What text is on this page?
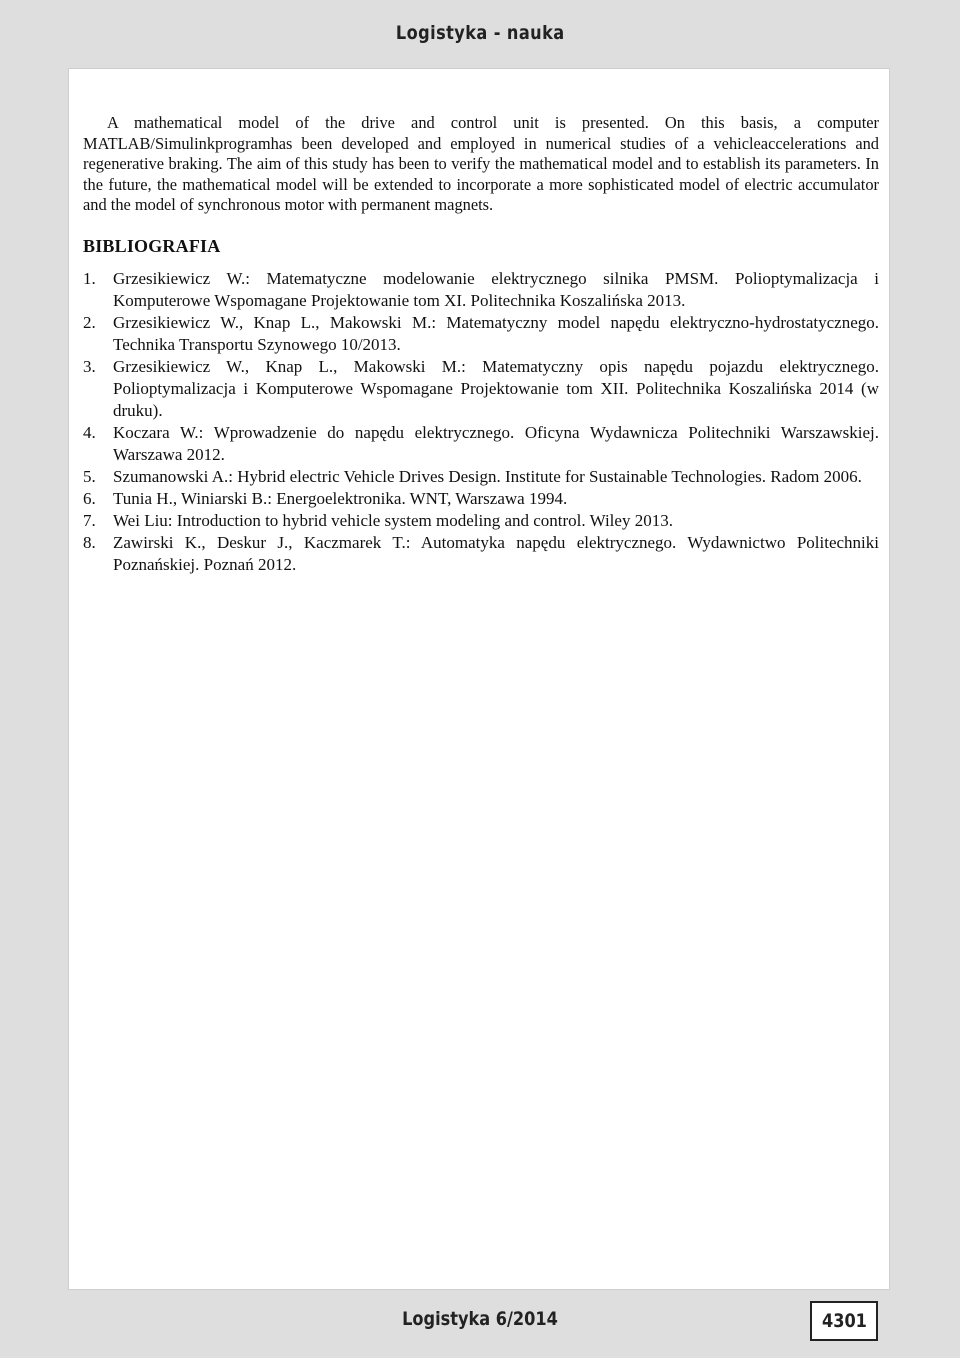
Logistyka - nauka

A mathematical model of the drive and control unit is presented. On this basis, a computer MATLAB/Simulinkprogramhas been developed and employed in numerical studies of a vehicleaccelerations and regenerative braking. The aim of this study has been to verify the mathematical model and to establish its parameters. In the future, the mathematical model will be extended to incorporate a more sophisticated model of electric accumulator and the model of synchronous motor with permanent magnets.

BIBLIOGRAFIA
1.	Grzesikiewicz W.: Matematyczne modelowanie elektrycznego silnika PMSM. Polioptymalizacja i Komputerowe Wspomagane Projektowanie tom XI. Politechnika Koszalińska 2013.
2.	Grzesikiewicz W., Knap L., Makowski M.: Matematyczny model napędu elektryczno-hydrostatycznego. Technika Transportu Szynowego 10/2013.
3.	Grzesikiewicz W., Knap L., Makowski M.: Matematyczny opis napędu pojazdu elektrycznego. Polioptymalizacja i Komputerowe Wspomagane Projektowanie tom XII. Politechnika Koszalińska 2014 (w druku).
4.	Koczara W.: Wprowadzenie do napędu elektrycznego. Oficyna Wydawnicza Politechniki Warszawskiej. Warszawa 2012.
5.	Szumanowski A.: Hybrid electric Vehicle Drives Design. Institute for Sustainable Technologies. Radom 2006.
6.	Tunia H., Winiarski B.: Energoelektronika. WNT, Warszawa 1994.
7.	Wei Liu: Introduction to hybrid vehicle system modeling and control. Wiley 2013.
8.	Zawirski K., Deskur J., Kaczmarek T.: Automatyka napędu elektrycznego. Wydawnictwo Politechniki Poznańskiej. Poznań 2012.
Logistyka 6/2014	4301
